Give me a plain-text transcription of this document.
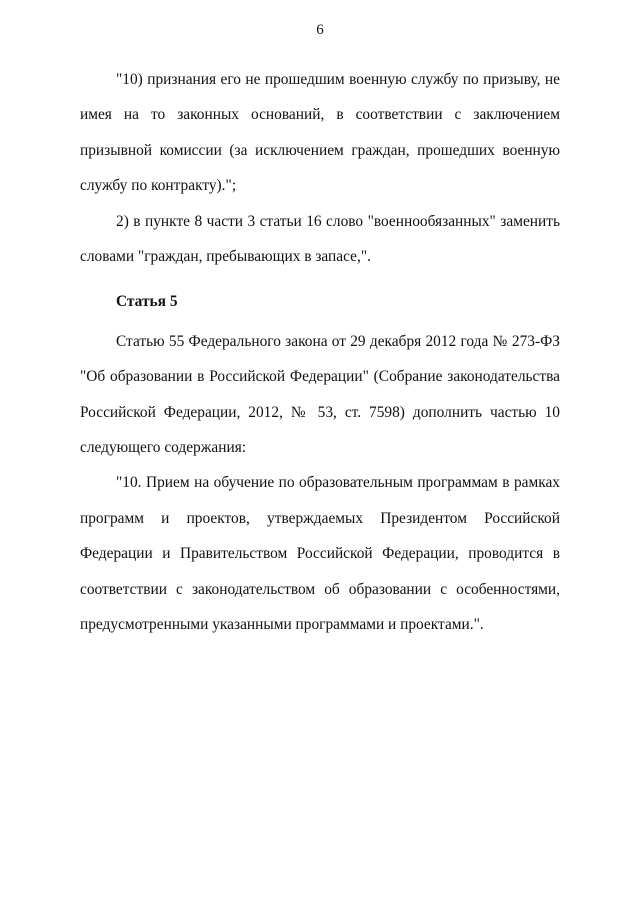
6

"10) признания его не прошедшим военную службу по призыву, не имея на то законных оснований, в соответствии с заключением призывной комиссии (за исключением граждан, прошедших военную службу по контракту).";

2) в пункте 8 части 3 статьи 16 слово "военнообязанных" заменить словами "граждан, пребывающих в запасе,".

Статья 5

Статью 55 Федерального закона от 29 декабря 2012 года № 273-ФЗ "Об образовании в Российской Федерации" (Собрание законодательства Российской Федерации, 2012, № 53, ст. 7598) дополнить частью 10 следующего содержания:

"10. Прием на обучение по образовательным программам в рамках программ и проектов, утверждаемых Президентом Российской Федерации и Правительством Российской Федерации, проводится в соответствии с законодательством об образовании с особенностями, предусмотренными указанными программами и проектами.".
